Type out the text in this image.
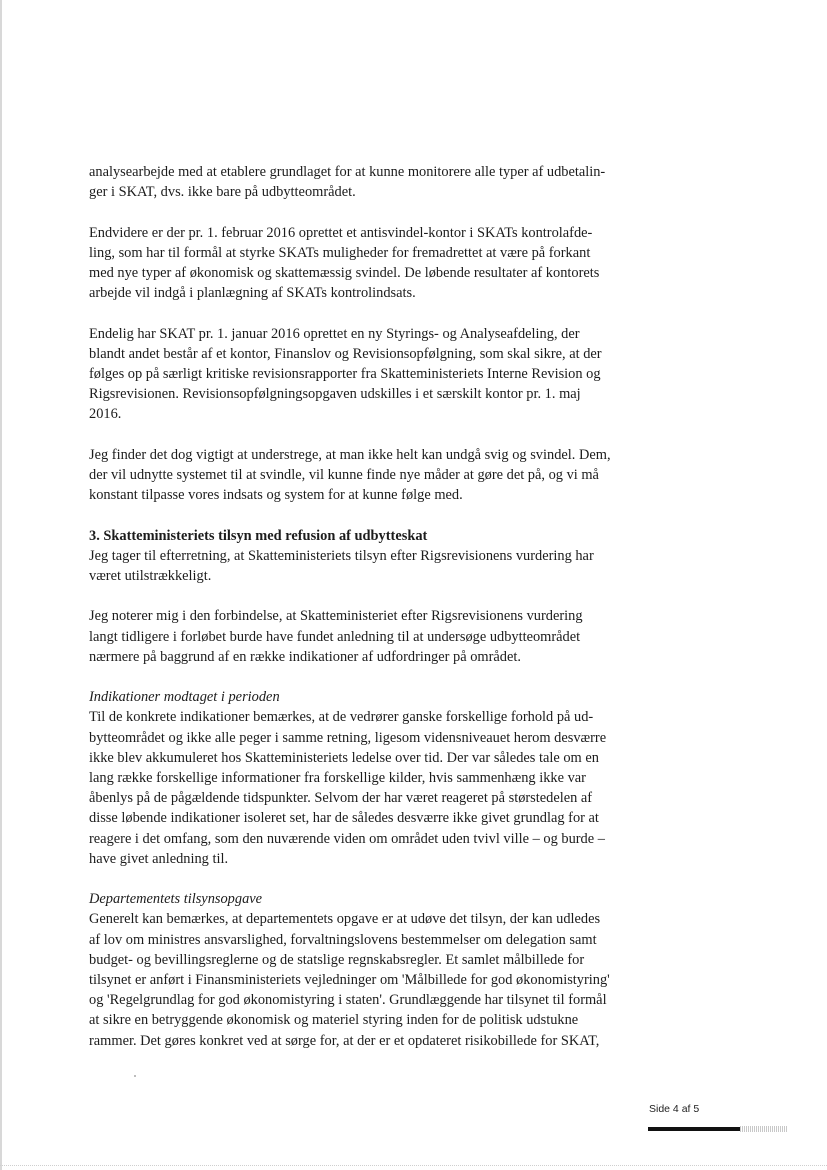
analysearbejde med at etablere grundlaget for at kunne monitorere alle typer af udbetalin-
ger i SKAT, dvs. ikke bare på udbytteområdet.

Endvidere er der pr. 1. februar 2016 oprettet et antisvindel-kontor i SKATs kontrolafde-
ling, som har til formål at styrke SKATs muligheder for fremadrettet at være på forkant
med nye typer af økonomisk og skattemæssig svindel. De løbende resultater af kontorets
arbejde vil indgå i planlægning af SKATs kontrolindsats.

Endelig har SKAT pr. 1. januar 2016 oprettet en ny Styrings- og Analyseafdeling, der
blandt andet består af et kontor, Finanslov og Revisionsopfølgning, som skal sikre, at der
følges op på særligt kritiske revisionsrapporter fra Skatteministeriets Interne Revision og
Rigsrevisionen. Revisionsopfølgningsopgaven udskilles i et særskilt kontor pr. 1. maj
2016.

Jeg finder det dog vigtigt at understrege, at man ikke helt kan undgå svig og svindel. Dem,
der vil udnytte systemet til at svindle, vil kunne finde nye måder at gøre det på, og vi må
konstant tilpasse vores indsats og system for at kunne følge med.

3. Skatteministeriets tilsyn med refusion af udbytteskat
Jeg tager til efterretning, at Skatteministeriets tilsyn efter Rigsrevisionens vurdering har
været utilstrækkeligt.

Jeg noterer mig i den forbindelse, at Skatteministeriet efter Rigsrevisionens vurdering
langt tidligere i forløbet burde have fundet anledning til at undersøge udbytteområdet
nærmere på baggrund af en række indikationer af udfordringer på området.

Indikationer modtaget i perioden
Til de konkrete indikationer bemærkes, at de vedrører ganske forskellige forhold på ud-
bytteområdet og ikke alle peger i samme retning, ligesom vidensniveauet herom desværre
ikke blev akkumuleret hos Skatteministeriets ledelse over tid. Der var således tale om en
lang række forskellige informationer fra forskellige kilder, hvis sammenhæng ikke var
åbenlys på de pågældende tidspunkter. Selvom der har været reageret på størstedelen af
disse løbende indikationer isoleret set, har de således desværre ikke givet grundlag for at
reagere i det omfang, som den nuværende viden om området uden tvivl ville – og burde –
have givet anledning til.

Departementets tilsynsopgave
Generelt kan bemærkes, at departementets opgave er at udøve det tilsyn, der kan udledes
af lov om ministres ansvarslighed, forvaltningslovens bestemmelser om delegation samt
budget- og bevillingsreglerne og de statslige regnskabsregler. Et samlet målbillede for
tilsynet er anført i Finansministeriets vejledninger om 'Målbillede for god økonomistyring'
og 'Regelgrundlag for god økonomistyring i staten'. Grundlæggende har tilsynet til formål
at sikre en betryggende økonomisk og materiel styring inden for de politisk udstukne
rammer. Det gøres konkret ved at sørge for, at der er et opdateret risikobillede for SKAT,

Side 4 af 5
